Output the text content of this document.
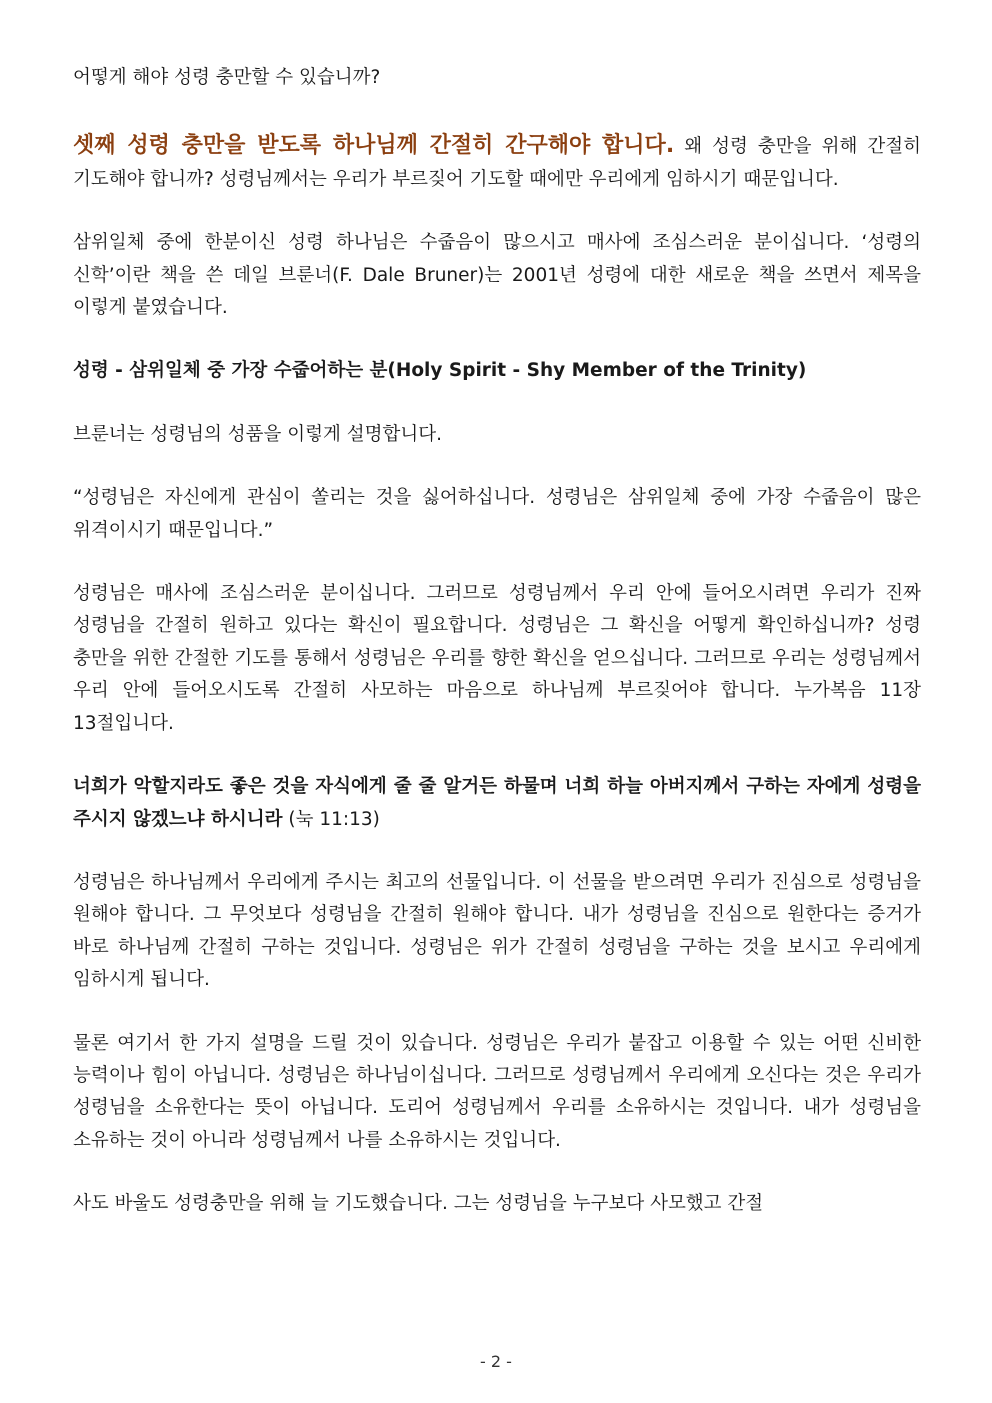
어떻게 해야 성령 충만할 수 있습니까?

셋째 성령 충만을 받도록 하나님께 간절히 간구해야 합니다. 왜 성령 충만을 위해 간절히 기도해야 합니까? 성령님께서는 우리가 부르짖어 기도할 때에만 우리에게 임하시기 때문입니다.

삼위일체 중에 한분이신 성령 하나님은 수줍음이 많으시고 매사에 조심스러운 분이십니다. ‘성령의 신학’이란 책을 쓴 데일 브룬너(F. Dale Bruner)는 2001년 성령에 대한 새로운 책을 쓰면서 제목을 이렇게 붙였습니다.

성령 - 삼위일체 중 가장 수줍어하는 분(Holy Spirit - Shy Member of the Trinity)

브룬너는 성령님의 성품을 이렇게 설명합니다.

“성령님은 자신에게 관심이 쏠리는 것을 싫어하십니다. 성령님은 삼위일체 중에 가장 수줍음이 많은 위격이시기 때문입니다.”

성령님은 매사에 조심스러운 분이십니다. 그러므로 성령님께서 우리 안에 들어오시려면 우리가 진짜 성령님을 간절히 원하고 있다는 확신이 필요합니다. 성령님은 그 확신을 어떻게 확인하십니까? 성령 충만을 위한 간절한 기도를 통해서 성령님은 우리를 향한 확신을 얻으십니다. 그러므로 우리는 성령님께서 우리 안에 들어오시도록 간절히 사모하는 마음으로 하나님께 부르짖어야 합니다. 누가복음 11장 13절입니다.

너희가 악할지라도 좋은 것을 자식에게 줄 줄 알거든 하물며 너희 하늘 아버지께서 구하는 자에게 성령을 주시지 않겠느냐 하시니라 (눅 11:13)

성령님은 하나님께서 우리에게 주시는 최고의 선물입니다. 이 선물을 받으려면 우리가 진심으로 성령님을 원해야 합니다. 그 무엇보다 성령님을 간절히 원해야 합니다. 내가 성령님을 진심으로 원한다는 증거가 바로 하나님께 간절히 구하는 것입니다. 성령님은 위가 간절히 성령님을 구하는 것을 보시고 우리에게 임하시게 됩니다.

물론 여기서 한 가지 설명을 드릴 것이 있습니다. 성령님은 우리가 붙잡고 이용할 수 있는 어떤 신비한 능력이나 힘이 아닙니다. 성령님은 하나님이십니다. 그러므로 성령님께서 우리에게 오신다는 것은 우리가 성령님을 소유한다는 뜻이 아닙니다. 도리어 성령님께서 우리를 소유하시는 것입니다. 내가 성령님을 소유하는 것이 아니라 성령님께서 나를 소유하시는 것입니다.

사도 바울도 성령충만을 위해 늘 기도했습니다. 그는 성령님을 누구보다 사모했고 간절

- 2 -
